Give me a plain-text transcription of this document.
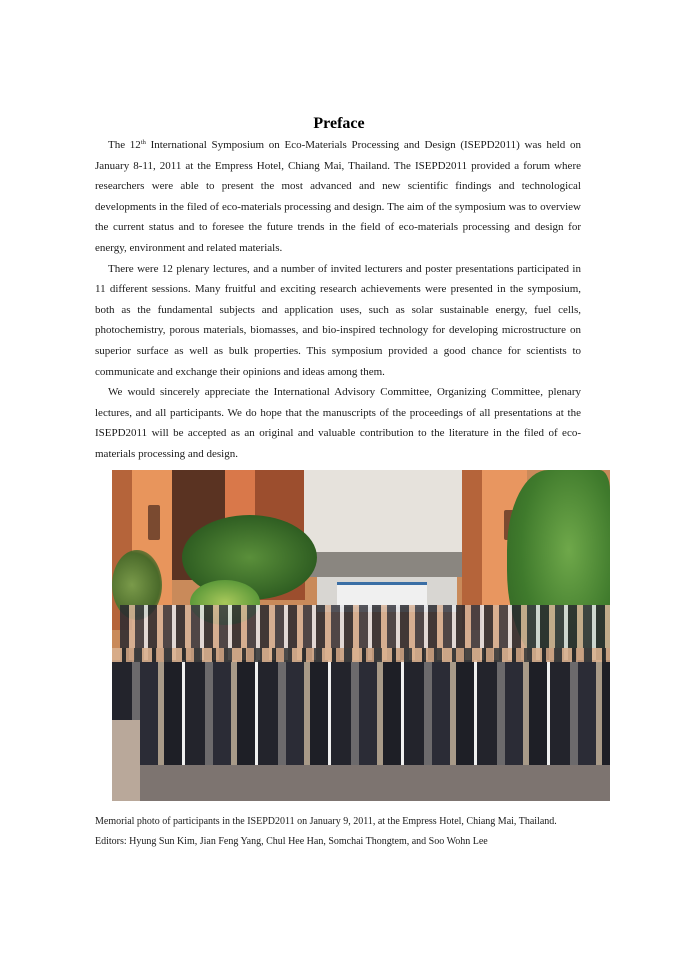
Preface

The 12th International Symposium on Eco-Materials Processing and Design (ISEPD2011) was held on January 8-11, 2011 at the Empress Hotel, Chiang Mai, Thailand. The ISEPD2011 provided a forum where researchers were able to present the most advanced and new scientific findings and technological developments in the filed of eco-materials processing and design. The aim of the symposium was to overview the current status and to foresee the future trends in the field of eco-materials processing and design for energy, environment and related materials.

There were 12 plenary lectures, and a number of invited lecturers and poster presentations participated in 11 different sessions. Many fruitful and exciting research achievements were presented in the symposium, both as the fundamental subjects and application uses, such as solar sustainable energy, fuel cells, photochemistry, porous materials, biomasses, and bio-inspired technology for developing microstructure on superior surface as well as bulk properties. This symposium provided a good chance for scientists to communicate and exchange their opinions and ideas among them.

We would sincerely appreciate the International Advisory Committee, Organizing Committee, plenary lectures, and all participants. We do hope that the manuscripts of the proceedings of all presentations at the ISEPD2011 will be accepted as an original and valuable contribution to the literature in the filed of eco-materials processing and design.

Memorial photo of participants in the ISEPD2011 on January 9, 2011, at the Empress Hotel, Chiang Mai, Thailand.

Editors: Hyung Sun Kim, Jian Feng Yang, Chul Hee Han, Somchai Thongtem, and Soo Wohn Lee
